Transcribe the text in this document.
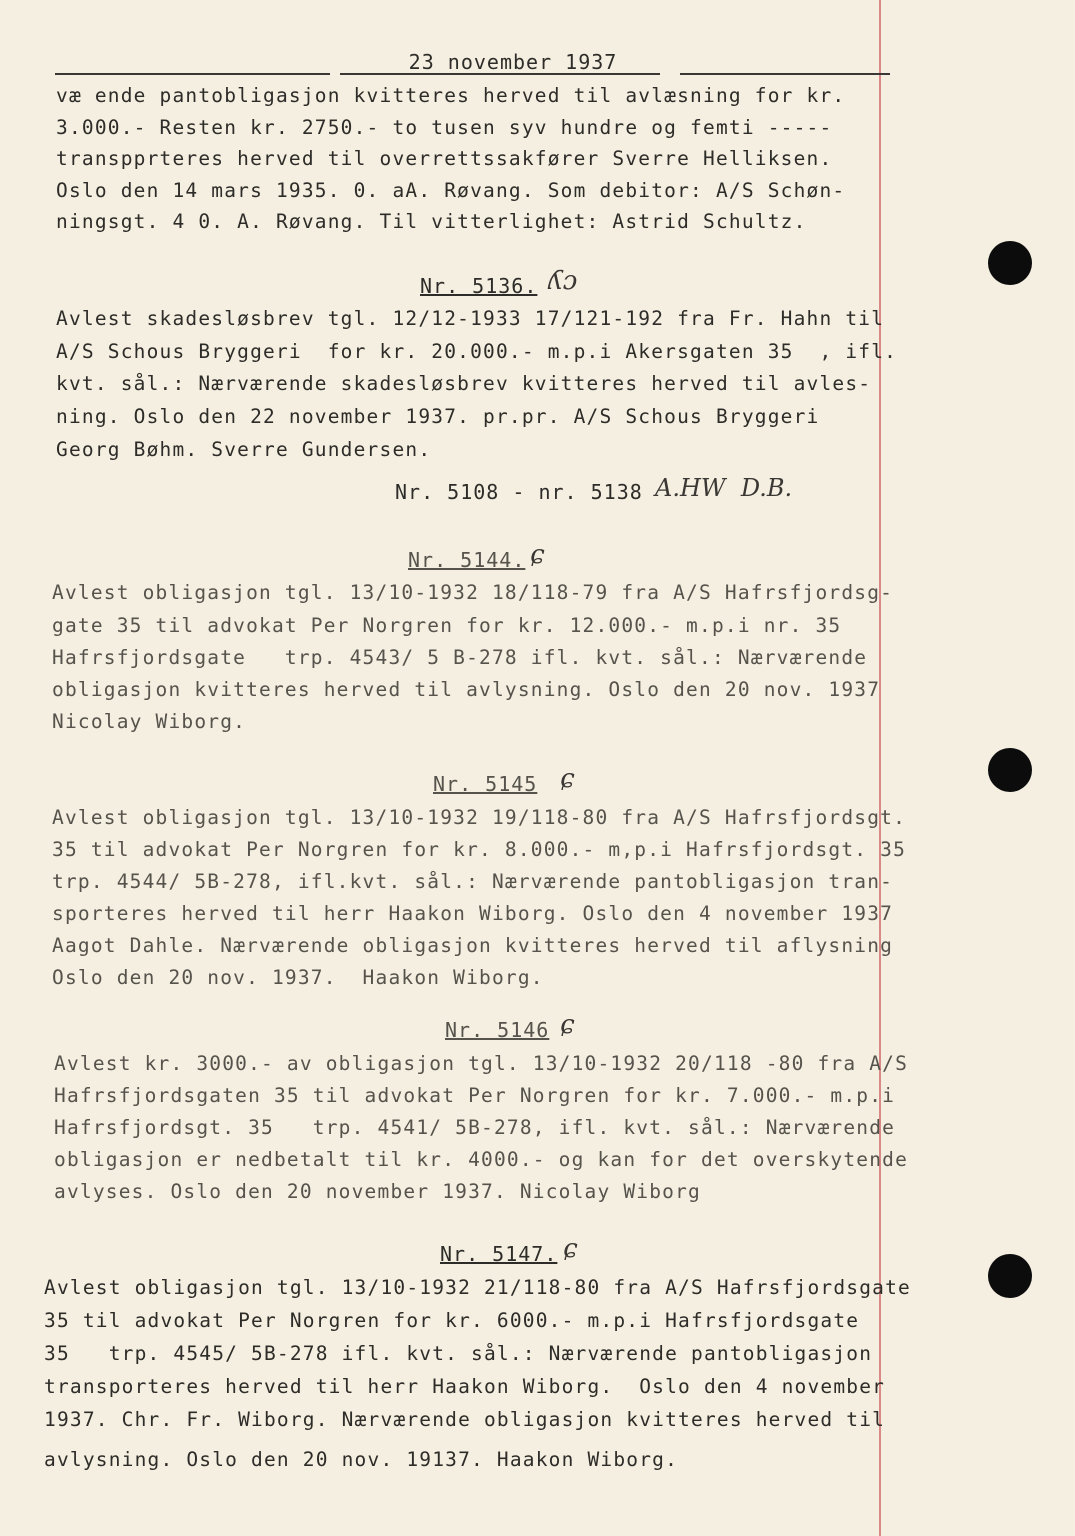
23 november 1937
væ ende pantobligasjon kvitteres herved til avlæsning for kr.
3.000.- Resten kr. 2750.- to tusen syv hundre og femti -----
transpprteres herved til overrettssakfører Sverre Helliksen.
Oslo den 14 mars 1935. 0. aA. Røvang. Som debitor: A/S Schøn-
ningsgt. 4 0. A. Røvang. Til vitterlighet: Astrid Schultz.
Nr. 5136. ʎɔ
Avlest skadesløsbrev tgl. 12/12-1933 17/121-192 fra Fr. Hahn til
A/S Schous Bryggeri  for kr. 20.000.- m.p.i Akersgaten 35  , ifl.
kvt. sål.: Nærværende skadesløsbrev kvitteres herved til avles-
ning. Oslo den 22 november 1937. pr.pr. A/S Schous Bryggeri
Georg Bøhm. Sverre Gundersen.
Nr. 5108 - nr. 5138 A.HW  D.B.
Nr. 5144. ɕ
Avlest obligasjon tgl. 13/10-1932 18/118-79 fra A/S Hafrsfjordsg-
gate 35 til advokat Per Norgren for kr. 12.000.- m.p.i nr. 35
Hafrsfjordsgate   trp. 4543/ 5 B-278 ifl. kvt. sål.: Nærværende
obligasjon kvitteres herved til avlysning. Oslo den 20 nov. 1937
Nicolay Wiborg.
Nr. 5145 ɕ
Avlest obligasjon tgl. 13/10-1932 19/118-80 fra A/S Hafrsfjordsgt.
35 til advokat Per Norgren for kr. 8.000.- m,p.i Hafrsfjordsgt. 35
trp. 4544/ 5B-278, ifl.kvt. sål.: Nærværende pantobligasjon tran-
sporteres herved til herr Haakon Wiborg. Oslo den 4 november 1937
Aagot Dahle. Nærværende obligasjon kvitteres herved til aflysning
Oslo den 20 nov. 1937.  Haakon Wiborg.
Nr. 5146 ɕ
Avlest kr. 3000.- av obligasjon tgl. 13/10-1932 20/118 -80 fra A/S
Hafrsfjordsgaten 35 til advokat Per Norgren for kr. 7.000.- m.p.i
Hafrsfjordsgt. 35   trp. 4541/ 5B-278, ifl. kvt. sål.: Nærværende
obligasjon er nedbetalt til kr. 4000.- og kan for det overskytende
avlyses. Oslo den 20 november 1937. Nicolay Wiborg
Nr. 5147. ɕ
Avlest obligasjon tgl. 13/10-1932 21/118-80 fra A/S Hafrsfjordsgate
35 til advokat Per Norgren for kr. 6000.- m.p.i Hafrsfjordsgate
35   trp. 4545/ 5B-278 ifl. kvt. sål.: Nærværende pantobligasjon
transporteres herved til herr Haakon Wiborg.  Oslo den 4 november
1937. Chr. Fr. Wiborg. Nærværende obligasjon kvitteres herved til
avlysning. Oslo den 20 nov. 19137. Haakon Wiborg.
